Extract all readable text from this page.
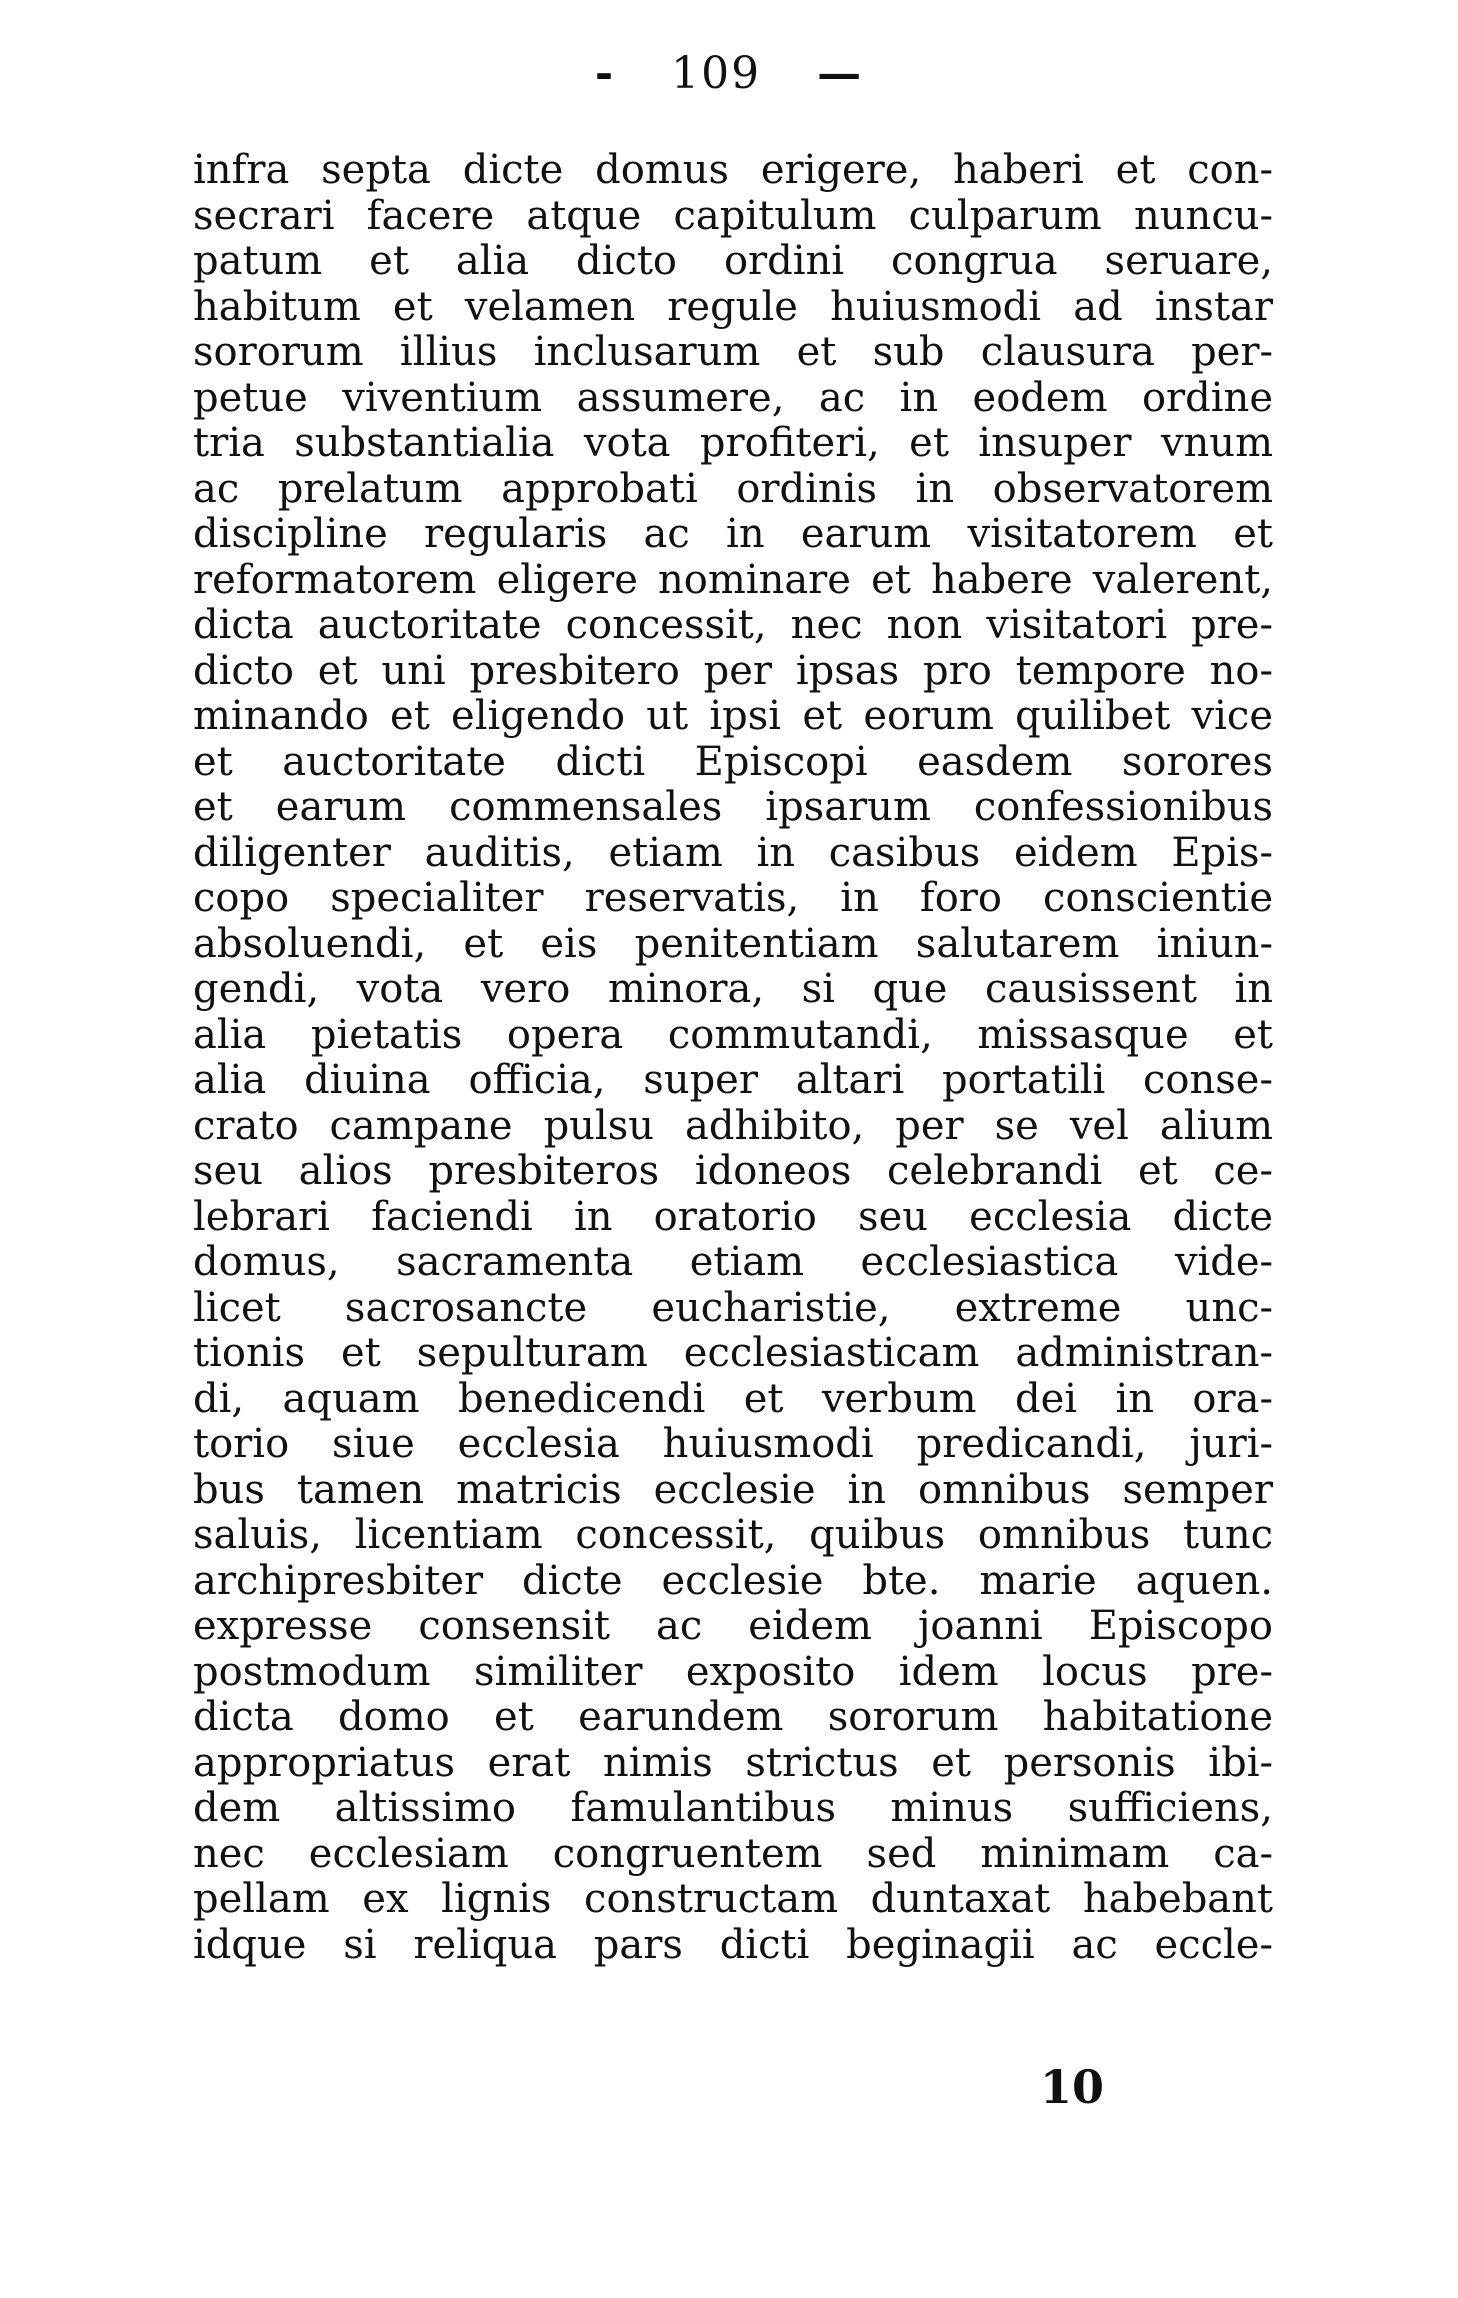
- 109 —
infra septa dicte domus erigere, haberi et con-
secrari facere atque capitulum culparum nuncu-
patum et alia dicto ordini congrua seruare,
habitum et velamen regule huiusmodi ad instar
sororum illius inclusarum et sub clausura per-
petue viventium assumere, ac in eodem ordine
tria substantialia vota profiteri, et insuper vnum
ac prelatum approbati ordinis in observatorem
discipline regularis ac in earum visitatorem et
reformatorem eligere nominare et habere valerent,
dicta auctoritate concessit, nec non visitatori pre-
dicto et uni presbitero per ipsas pro tempore no-
minando et eligendo ut ipsi et eorum quilibet vice
et auctoritate dicti Episcopi easdem sorores
et earum commensales ipsarum confessionibus
diligenter auditis, etiam in casibus eidem Epis-
copo specialiter reservatis, in foro conscientie
absoluendi, et eis penitentiam salutarem iniun-
gendi, vota vero minora, si que causissent in
alia pietatis opera commutandi, missasque et
alia diuina officia, super altari portatili conse-
crato campane pulsu adhibito, per se vel alium
seu alios presbiteros idoneos celebrandi et ce-
lebrari faciendi in oratorio seu ecclesia dicte
domus, sacramenta etiam ecclesiastica vide-
licet sacrosancte eucharistie, extreme unc-
tionis et sepulturam ecclesiasticam administran-
di, aquam benedicendi et verbum dei in ora-
torio siue ecclesia huiusmodi predicandi, juri-
bus tamen matricis ecclesie in omnibus semper
saluis, licentiam concessit, quibus omnibus tunc
archipresbiter dicte ecclesie bte. marie aquen.
expresse consensit ac eidem joanni Episcopo
postmodum similiter exposito idem locus pre-
dicta domo et earundem sororum habitatione
appropriatus erat nimis strictus et personis ibi-
dem altissimo famulantibus minus sufficiens,
nec ecclesiam congruentem sed minimam ca-
pellam ex lignis constructam duntaxat habebant
idque si reliqua pars dicti beginagii ac eccle-
10
